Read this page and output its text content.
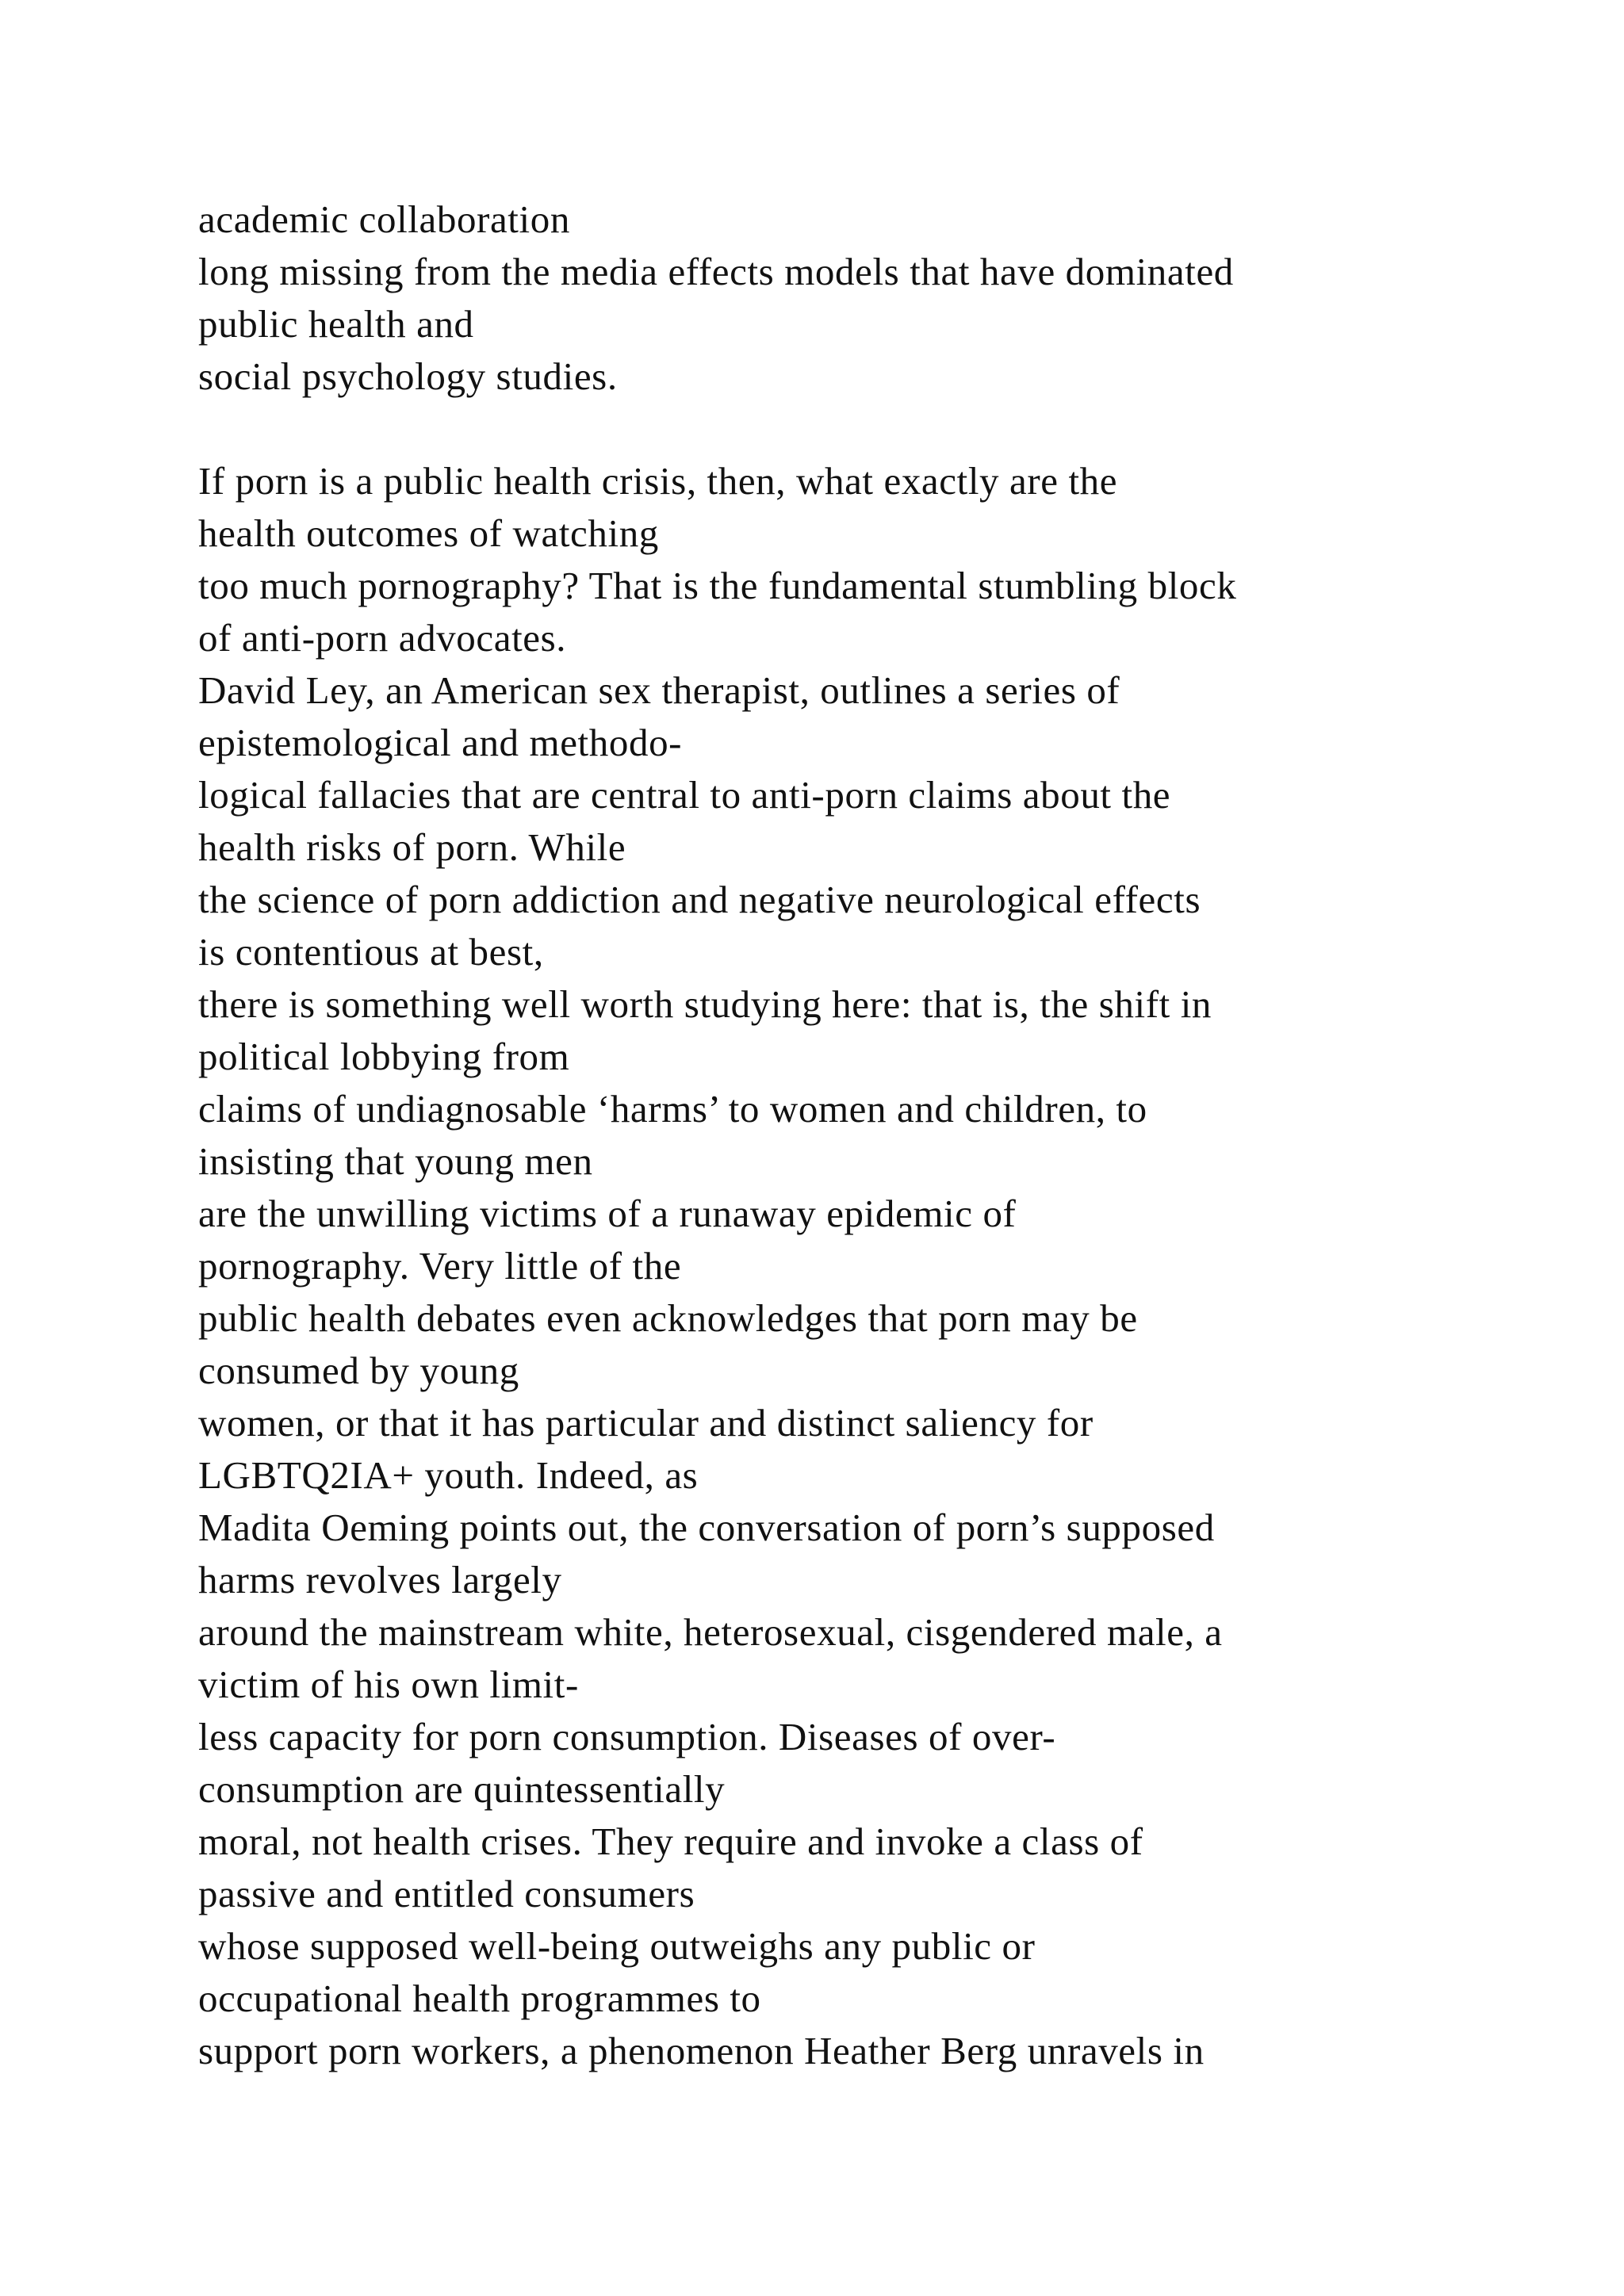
academic collaboration
long missing from the media effects models that have dominated
public health and
social psychology studies.
If porn is a public health crisis, then, what exactly are the
health outcomes of watching
too much pornography? That is the fundamental stumbling block
of anti-porn advocates.
David Ley, an American sex therapist, outlines a series of
epistemological and methodo-
logical fallacies that are central to anti-porn claims about the
health risks of porn. While
the science of porn addiction and negative neurological effects
is contentious at best,
there is something well worth studying here: that is, the shift in
political lobbying from
claims of undiagnosable ‘harms’ to women and children, to
insisting that young men
are the unwilling victims of a runaway epidemic of
pornography. Very little of the
public health debates even acknowledges that porn may be
consumed by young
women, or that it has particular and distinct saliency for
LGBTQ2IA+ youth. Indeed, as
Madita Oeming points out, the conversation of porn’s supposed
harms revolves largely
around the mainstream white, heterosexual, cisgendered male, a
victim of his own limit-
less capacity for porn consumption. Diseases of over-
consumption are quintessentially
moral, not health crises. They require and invoke a class of
passive and entitled consumers
whose supposed well-being outweighs any public or
occupational health programmes to
support porn workers, a phenomenon Heather Berg unravels in
